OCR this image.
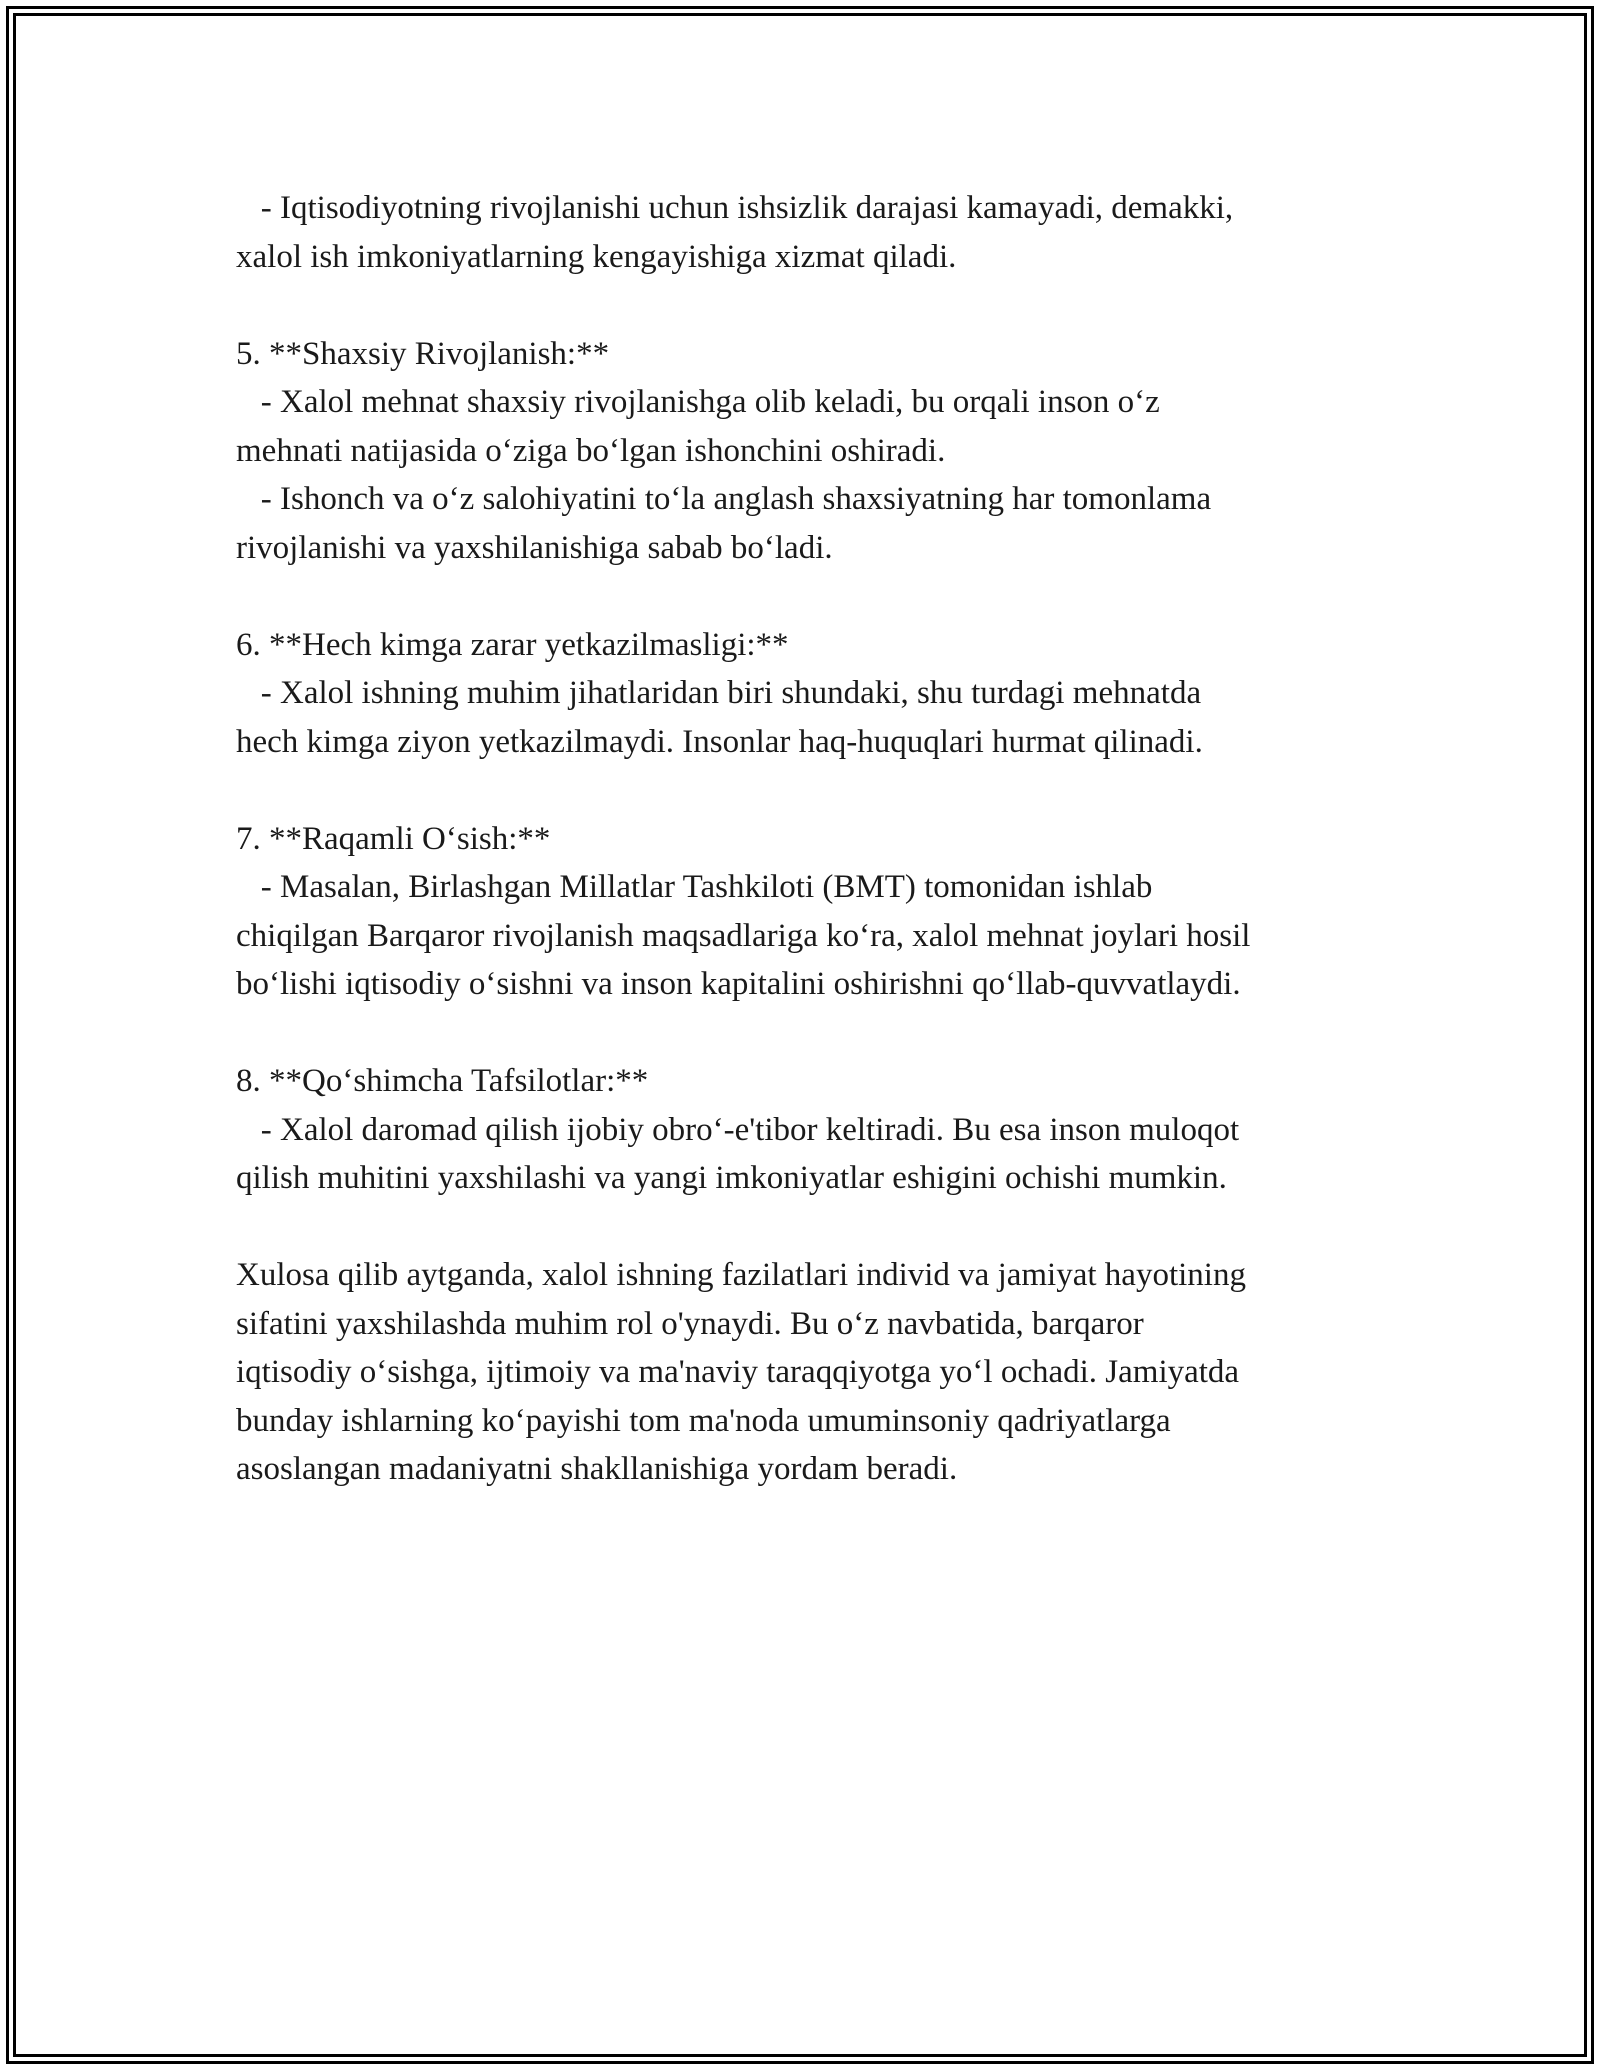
- Iqtisodiyotning rivojlanishi uchun ishsizlik darajasi kamayadi, demakki,
xalol ish imkoniyatlarning kengayishiga xizmat qiladi.
5. **Shaxsiy Rivojlanish:**
- Xalol mehnat shaxsiy rivojlanishga olib keladi, bu orqali inson oʻz
mehnati natijasida oʻziga boʻlgan ishonchini oshiradi.
- Ishonch va oʻz salohiyatini toʻla anglash shaxsiyatning har tomonlama
rivojlanishi va yaxshilanishiga sabab boʻladi.
6. **Hech kimga zarar yetkazilmasligi:**
- Xalol ishning muhim jihatlaridan biri shundaki, shu turdagi mehnatda
hech kimga ziyon yetkazilmaydi. Insonlar haq-huquqlari hurmat qilinadi.
7. **Raqamli Oʻsish:**
- Masalan, Birlashgan Millatlar Tashkiloti (BMT) tomonidan ishlab
chiqilgan Barqaror rivojlanish maqsadlariga koʻra, xalol mehnat joylari hosil
boʻlishi iqtisodiy oʻsishni va inson kapitalini oshirishni qoʻllab-quvvatlaydi.
8. **Qoʻshimcha Tafsilotlar:**
- Xalol daromad qilish ijobiy obroʻ-e'tibor keltiradi. Bu esa inson muloqot
qilish muhitini yaxshilashi va yangi imkoniyatlar eshigini ochishi mumkin.
Xulosa qilib aytganda, xalol ishning fazilatlari individ va jamiyat hayotining
sifatini yaxshilashda muhim rol o'ynaydi. Bu oʻz navbatida, barqaror
iqtisodiy oʻsishga, ijtimoiy va ma'naviy taraqqiyotga yoʻl ochadi. Jamiyatda
bunday ishlarning koʻpayishi tom ma'noda umuminsoniy qadriyatlarga
asoslangan madaniyatni shakllanishiga yordam beradi.
